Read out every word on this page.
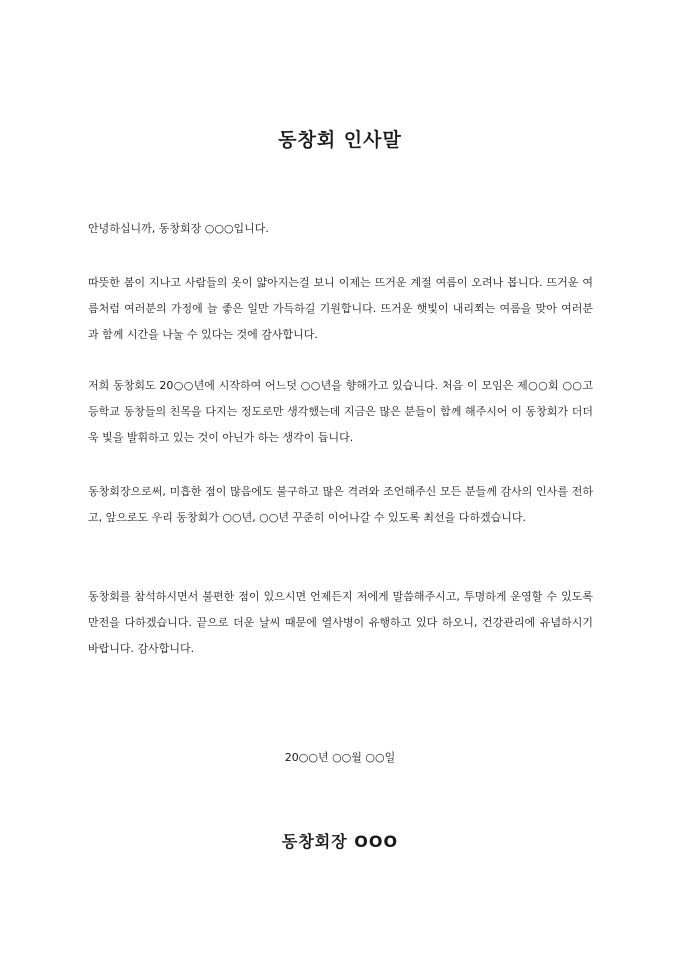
동창회 인사말
안녕하십니까, 동창회장 ○○○입니다.
따뜻한 봄이 지나고 사람들의 옷이 얇아지는걸 보니 이제는 뜨거운 계절 여름이 오려나 봅니다. 뜨거운 여름처럼 여러분의 가정에 늘 좋은 일만 가득하길 기원합니다. 뜨거운 햇빛이 내리쬐는 여름을 맞아 여러분과 함께 시간을 나눌 수 있다는 것에 감사합니다.
저희 동창회도 20○○년에 시작하여 어느덧 ○○년을 향해가고 있습니다. 처음 이 모임은 제○○회 ○○고등학교 동창들의 친목을 다지는 정도로만 생각했는데 지금은 많은 분들이 함께 해주시어 이 동창회가 더더욱 빛을 발휘하고 있는 것이 아닌가 하는 생각이 듭니다.
동창회장으로써, 미흡한 점이 많음에도 불구하고 많은 격려와 조언해주신 모든 분들께 감사의 인사를 전하고, 앞으로도 우리 동창회가 ○○년, ○○년 꾸준히 이어나갈 수 있도록 최선을 다하겠습니다.
동창회를 참석하시면서 불편한 점이 있으시면 언제든지 저에게 말씀해주시고, 투명하게 운영할 수 있도록 만전을 다하겠습니다. 끝으로 더운 날씨 때문에 열사병이 유행하고 있다 하오니, 건강관리에 유념하시기 바랍니다. 감사합니다.
20○○년 ○○월 ○○일
동창회장 OOO
